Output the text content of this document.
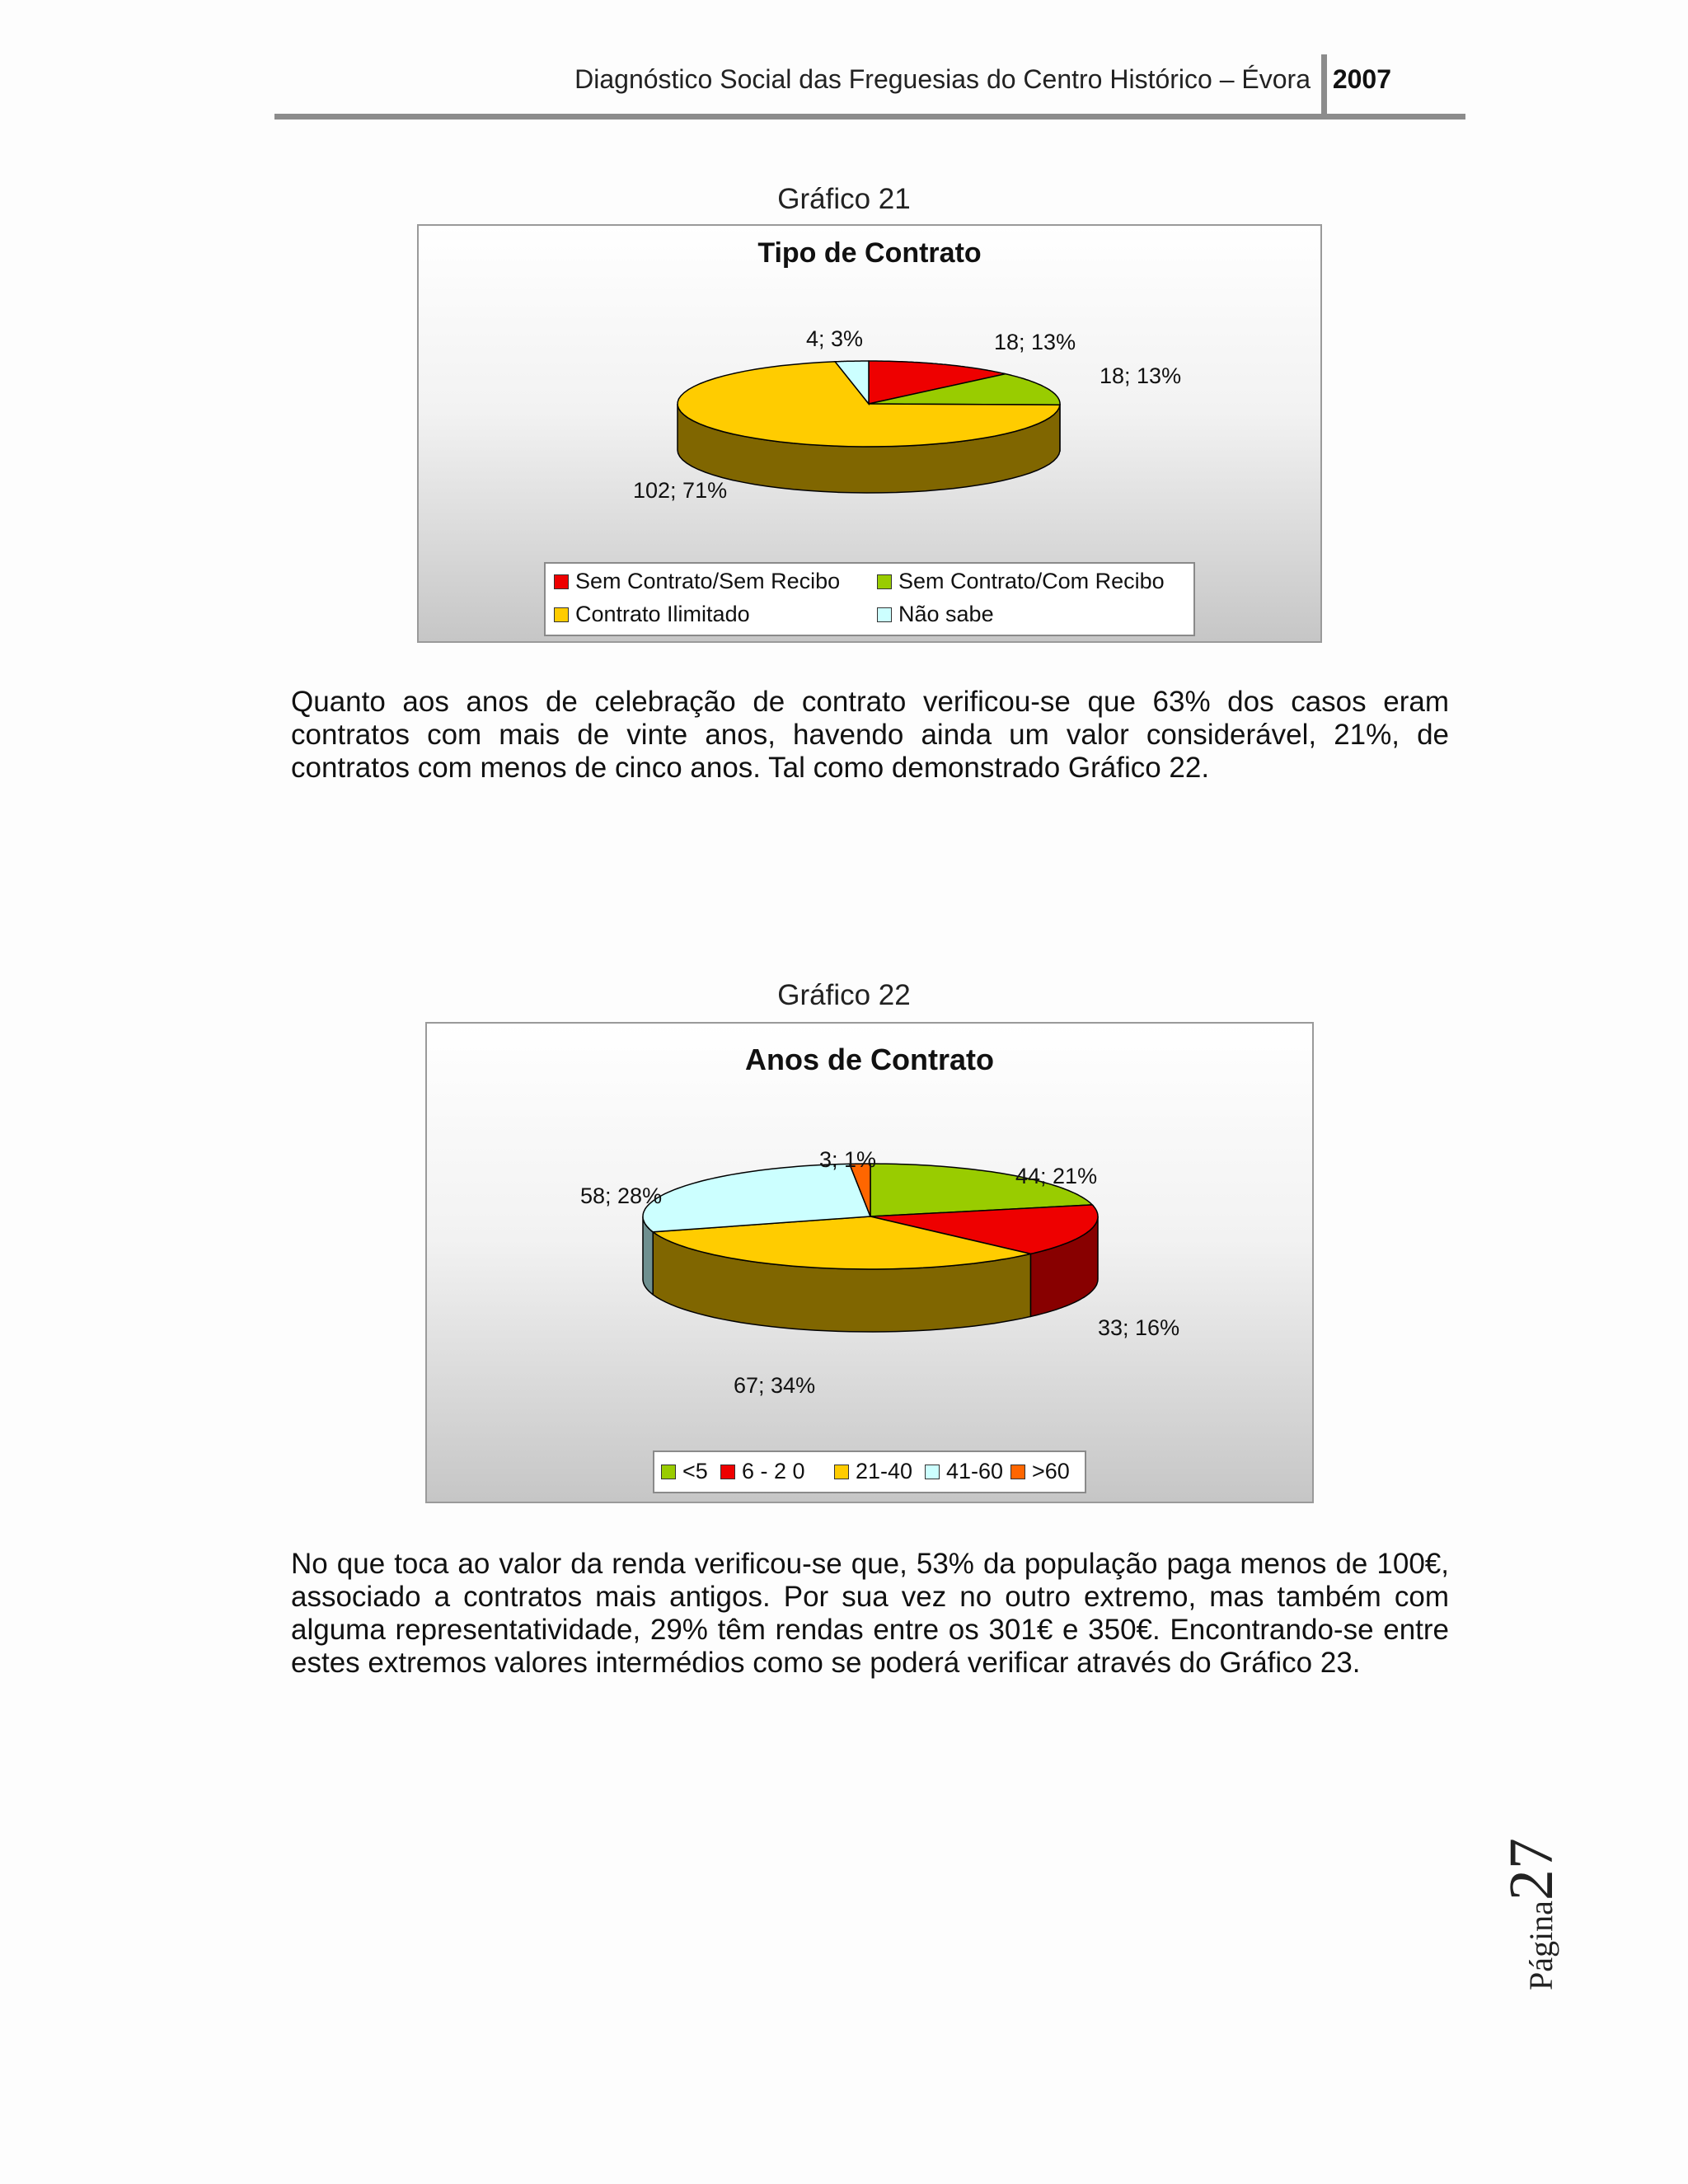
Diagnóstico Social das Freguesias do Centro Histórico – Évora 2007
Gráfico 21
Tipo de Contrato
18; 13%
18; 13%
102; 71%
4; 3%
Sem Contrato/Sem Recibo	Sem Contrato/Com Recibo
Contrato Ilimitado	Não sabe
Quanto aos anos de celebração de contrato verificou-se que 63% dos casos eram contratos com mais de vinte anos, havendo ainda um valor considerável, 21%, de contratos com menos de cinco anos. Tal como demonstrado Gráfico 22.
Gráfico 22
Anos de Contrato
44; 21%
33; 16%
67; 34%
58; 28%
3; 1%
<5 6 - 2 0 21-40 41-60 >60
No que toca ao valor da renda verificou-se que, 53% da população paga menos de 100€, associado a contratos mais antigos. Por sua vez no outro extremo, mas também com alguma representatividade, 29% têm rendas entre os 301€ e 350€. Encontrando-se entre estes extremos valores intermédios como se poderá verificar através do Gráfico 23.
Página27
